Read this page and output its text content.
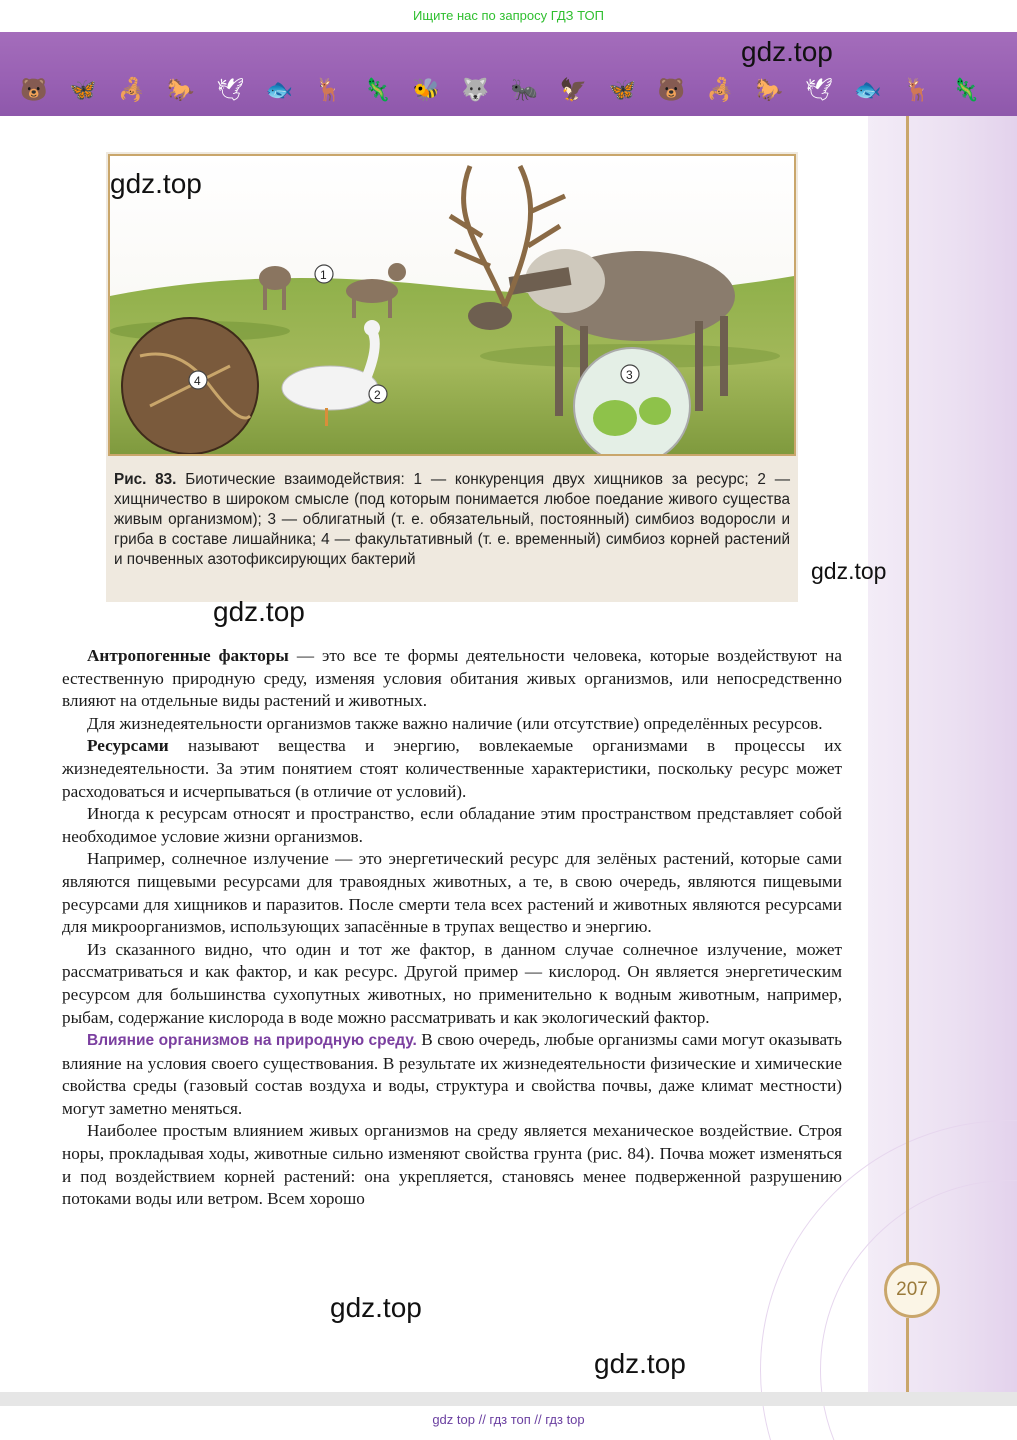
Ищите нас по запросу ГДЗ ТОП
🐻 🦋 🦂 🐎 🕊 🐟 🦌 🦎 🐝 🐺 🐜 🦅 🦋 🐻 🦂 🐎 🕊 🐟 🦌 🦎
1
2
3
4
Рис. 83. Биотические взаимодействия: 1 — конкуренция двух хищников за ресурс; 2 — хищничество в широком смысле (под которым понимается любое поедание живого существа живым организмом); 3 — облигатный (т. е. обязательный, постоянный) симбиоз водоросли и гриба в составе лишайника; 4 — факультативный (т. е. временный) симбиоз корней растений и почвенных азотофиксирующих бактерий

Антропогенные факторы — это все те формы деятельности человека, которые воздействуют на естественную природную среду, изменяя условия обитания живых организмов, или непосредственно влияют на отдельные виды растений и животных.

Для жизнедеятельности организмов также важно наличие (или отсутствие) определённых ресурсов.

Ресурсами называют вещества и энергию, вовлекаемые организмами в процессы их жизнедеятельности. За этим понятием стоят количественные характеристики, поскольку ресурс может расходоваться и исчерпываться (в отличие от условий).

Иногда к ресурсам относят и пространство, если обладание этим пространством представляет собой необходимое условие жизни организмов.

Например, солнечное излучение — это энергетический ресурс для зелёных растений, которые сами являются пищевыми ресурсами для травоядных животных, а те, в свою очередь, являются пищевыми ресурсами для хищников и паразитов. После смерти тела всех растений и животных являются ресурсами для микроорганизмов, использующих запасённые в трупах вещество и энергию.

Из сказанного видно, что один и тот же фактор, в данном случае солнечное излучение, может рассматриваться и как фактор, и как ресурс. Другой пример — кислород. Он является энергетическим ресурсом для большинства сухопутных животных, но применительно к водным животным, например, рыбам, содержание кислорода в воде можно рассматривать и как экологический фактор.

Влияние организмов на природную среду. В свою очередь, любые организмы сами могут оказывать влияние на условия своего существования. В результате их жизнедеятельности физические и химические свойства среды (газовый состав воздуха и воды, структура и свойства почвы, даже климат местности) могут заметно меняться.

Наиболее простым влиянием живых организмов на среду является механическое воздействие. Строя норы, прокладывая ходы, животные сильно изменяют свойства грунта (рис. 84). Почва может изменяться и под воздействием корней растений: она укрепляется, становясь менее подверженной разрушению потоками воды или ветром. Всем хорошо

207
gdz.top
gdz.top
gdz.top
gdz.top
gdz.top
gdz.top
gdz top // гдз топ // гдз top
